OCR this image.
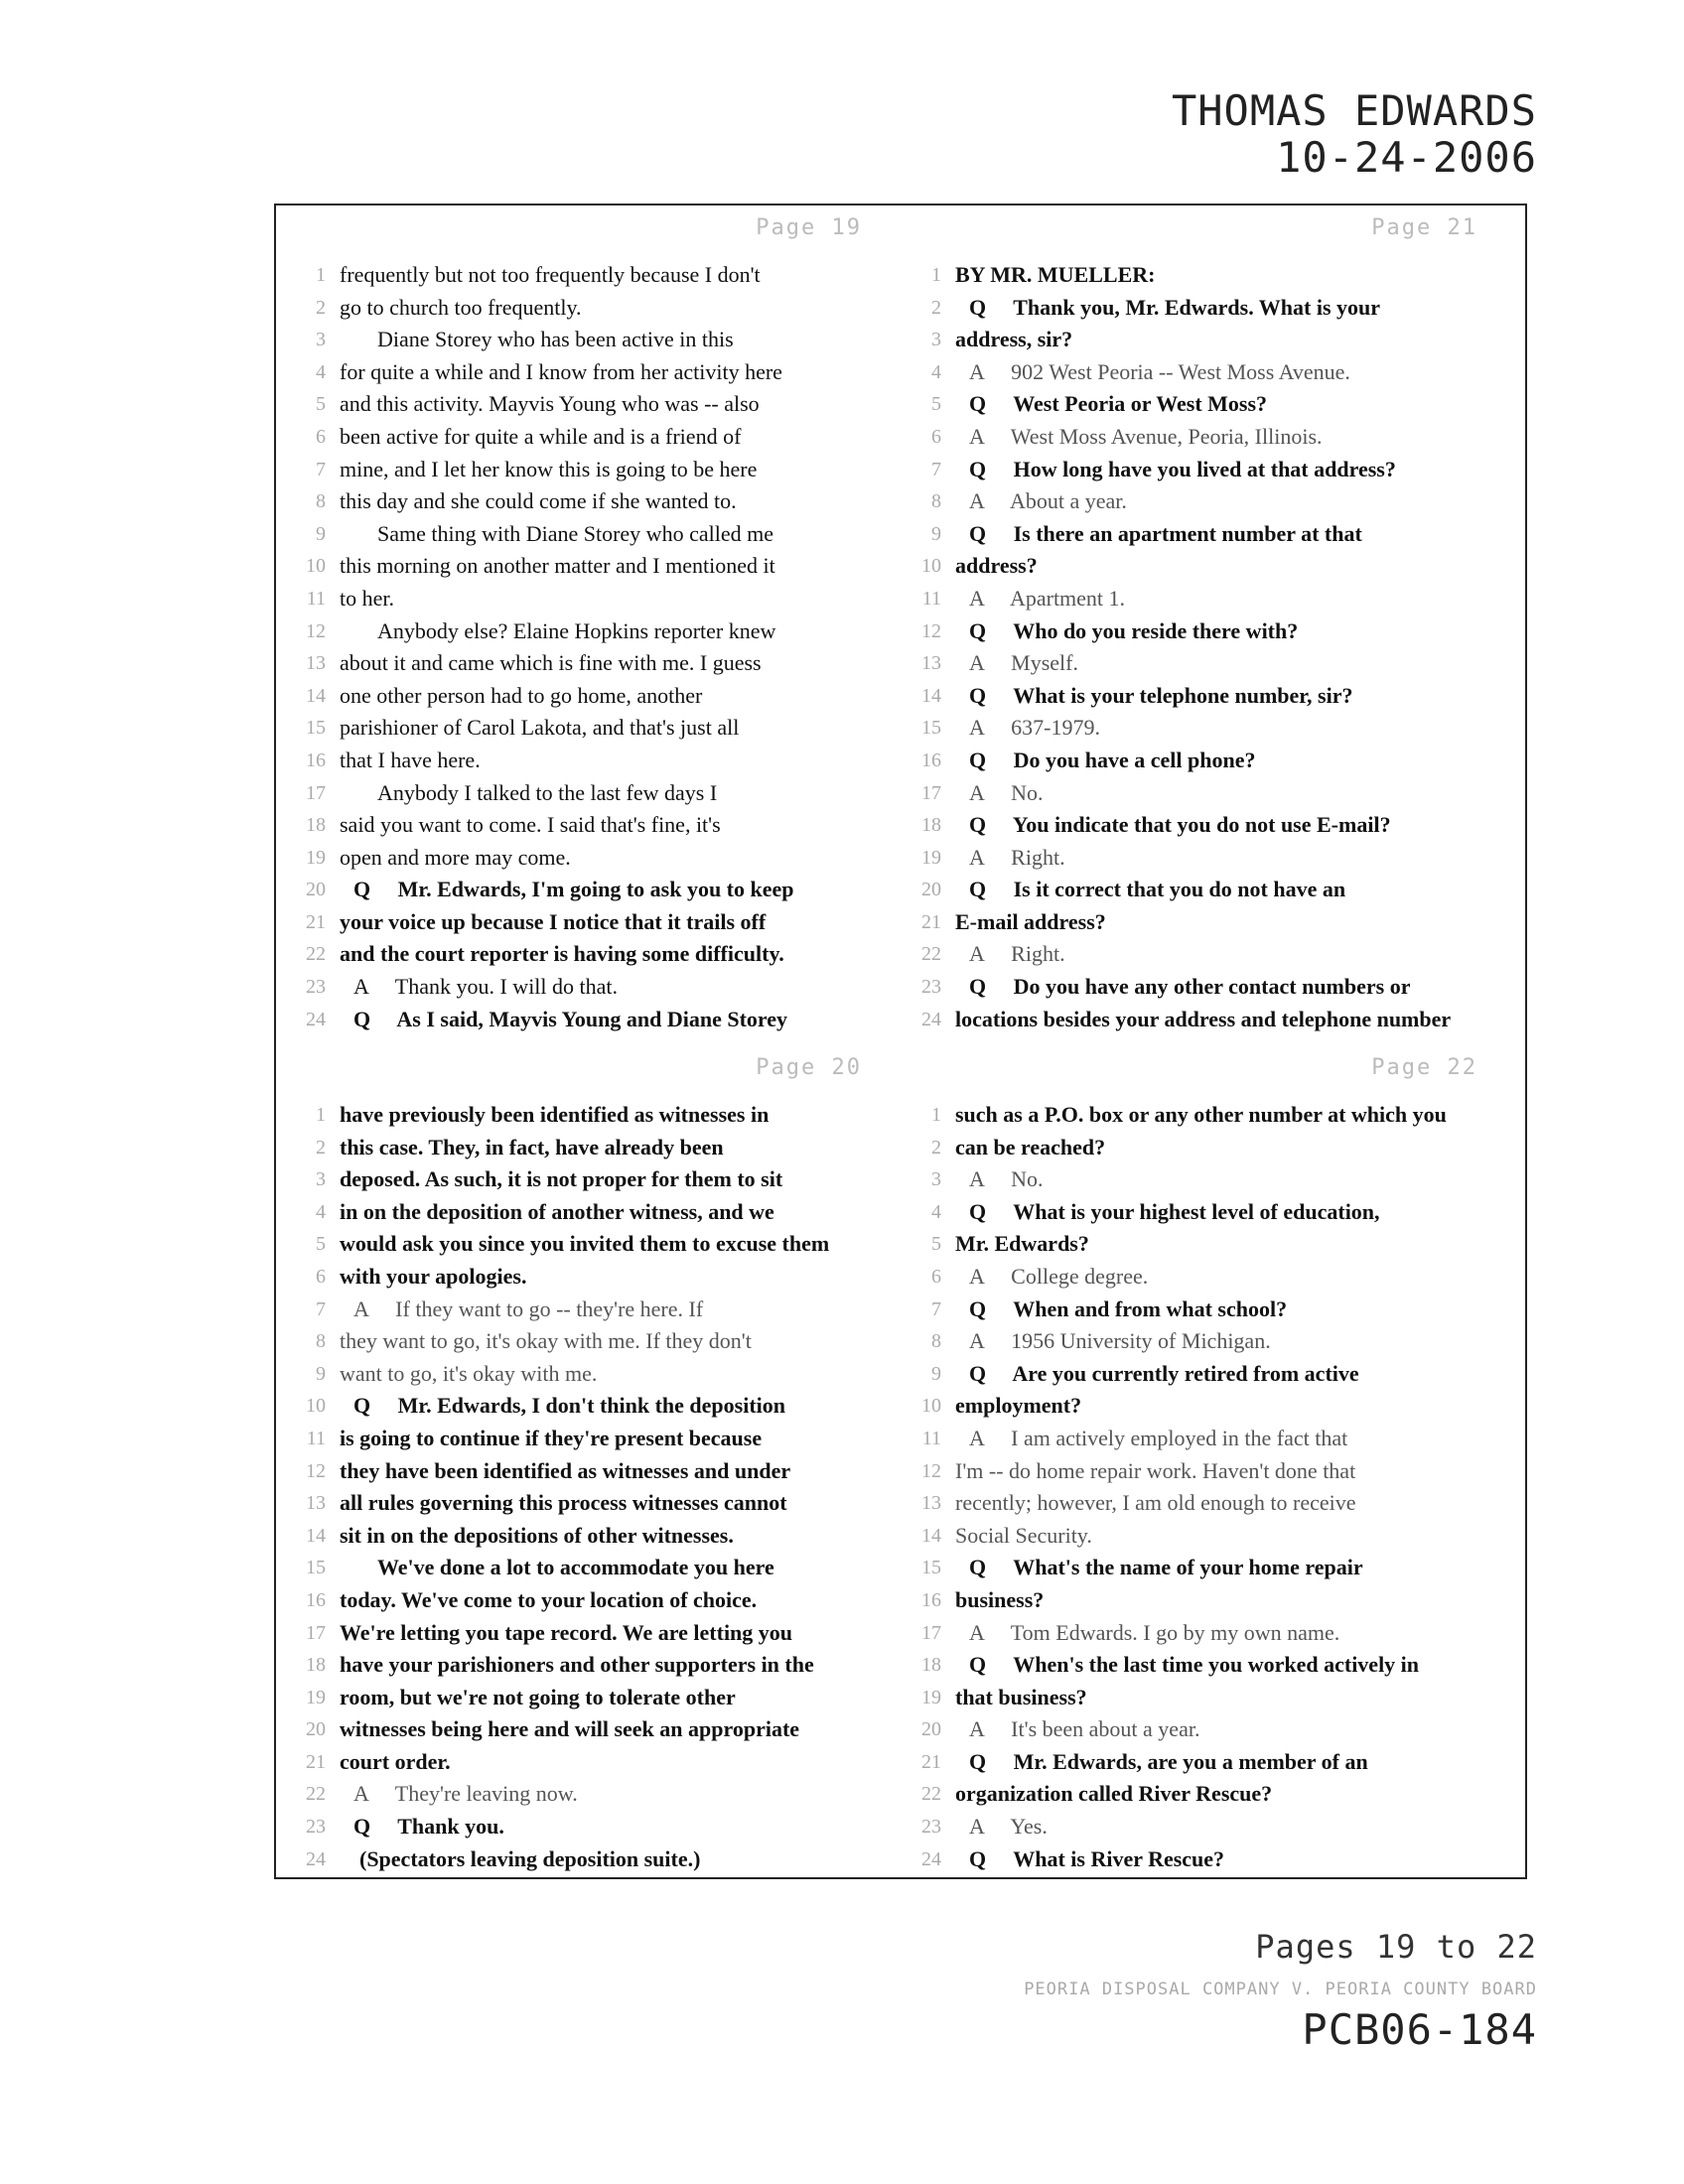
THOMAS EDWARDS
10-24-2006
Page 19
1 frequently but not too frequently because I don't
2 go to church too frequently.
3 Diane Storey who has been active in this
4 for quite a while and I know from her activity here
5 and this activity. Mayvis Young who was -- also
6 been active for quite a while and is a friend of
7 mine, and I let her know this is going to be here
8 this day and she could come if she wanted to.
9 Same thing with Diane Storey who called me
10 this morning on another matter and I mentioned it
11 to her.
12 Anybody else? Elaine Hopkins reporter knew
13 about it and came which is fine with me. I guess
14 one other person had to go home, another
15 parishioner of Carol Lakota, and that's just all
16 that I have here.
17 Anybody I talked to the last few days I
18 said you want to come. I said that's fine, it's
19 open and more may come.
20 Q     Mr. Edwards, I'm going to ask you to keep
21 your voice up because I notice that it trails off
22 and the court reporter is having some difficulty.
23 A     Thank you. I will do that.
24 Q     As I said, Mayvis Young and Diane Storey
Page 21
1 BY MR. MUELLER:
2 Q     Thank you, Mr. Edwards. What is your
3 address, sir?
4 A     902 West Peoria -- West Moss Avenue.
5 Q     West Peoria or West Moss?
6 A     West Moss Avenue, Peoria, Illinois.
7 Q     How long have you lived at that address?
8 A     About a year.
9 Q     Is there an apartment number at that
10 address?
11 A     Apartment 1.
12 Q     Who do you reside there with?
13 A     Myself.
14 Q     What is your telephone number, sir?
15 A     637-1979.
16 Q     Do you have a cell phone?
17 A     No.
18 Q     You indicate that you do not use E-mail?
19 A     Right.
20 Q     Is it correct that you do not have an
21 E-mail address?
22 A     Right.
23 Q     Do you have any other contact numbers or
24 locations besides your address and telephone number
Page 20
1 have previously been identified as witnesses in
2 this case. They, in fact, have already been
3 deposed. As such, it is not proper for them to sit
4 in on the deposition of another witness, and we
5 would ask you since you invited them to excuse them
6 with your apologies.
7 A     If they want to go -- they're here. If
8 they want to go, it's okay with me. If they don't
9 want to go, it's okay with me.
10 Q     Mr. Edwards, I don't think the deposition
11 is going to continue if they're present because
12 they have been identified as witnesses and under
13 all rules governing this process witnesses cannot
14 sit in on the depositions of other witnesses.
15 We've done a lot to accommodate you here
16 today. We've come to your location of choice.
17 We're letting you tape record. We are letting you
18 have your parishioners and other supporters in the
19 room, but we're not going to tolerate other
20 witnesses being here and will seek an appropriate
21 court order.
22 A     They're leaving now.
23 Q     Thank you.
24 (Spectators leaving deposition suite.)
Page 22
1 such as a P.O. box or any other number at which you
2 can be reached?
3 A     No.
4 Q     What is your highest level of education,
5 Mr. Edwards?
6 A     College degree.
7 Q     When and from what school?
8 A     1956 University of Michigan.
9 Q     Are you currently retired from active
10 employment?
11 A     I am actively employed in the fact that
12 I'm -- do home repair work. Haven't done that
13 recently; however, I am old enough to receive
14 Social Security.
15 Q     What's the name of your home repair
16 business?
17 A     Tom Edwards. I go by my own name.
18 Q     When's the last time you worked actively in
19 that business?
20 A     It's been about a year.
21 Q     Mr. Edwards, are you a member of an
22 organization called River Rescue?
23 A     Yes.
24 Q     What is River Rescue?
Pages 19 to 22
PEORIA DISPOSAL COMPANY V. PEORIA COUNTY BOARD
PCB06-184
